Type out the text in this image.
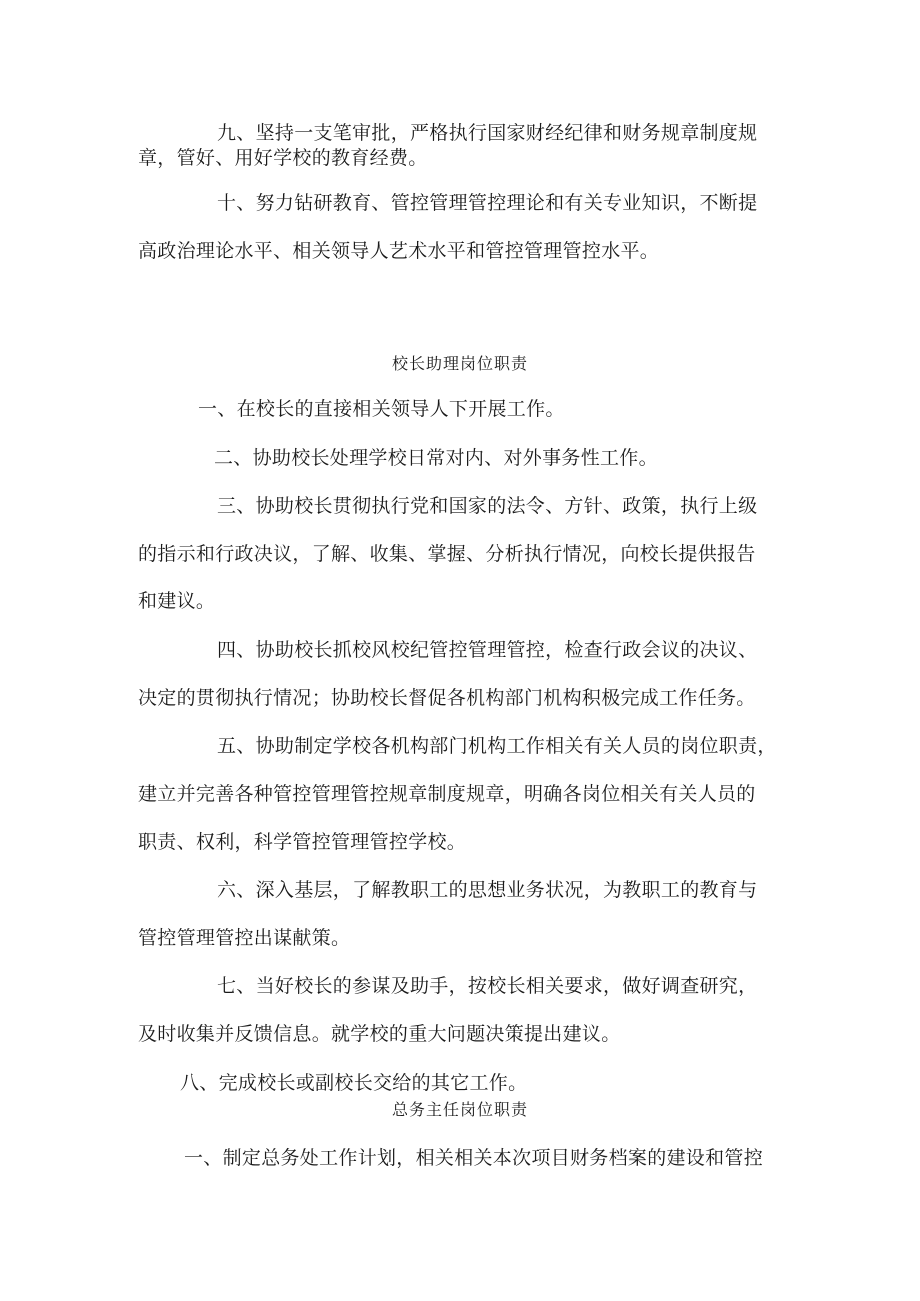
九、坚持一支笔审批，严格执行国家财经纪律和财务规章制度规
章，管好、用好学校的教育经费。
十、努力钻研教育、管控管理管控理论和有关专业知识，不断提
高政治理论水平、相关领导人艺术水平和管控管理管控水平。
校长助理岗位职责
一、在校长的直接相关领导人下开展工作。
二、协助校长处理学校日常对内、对外事务性工作。
三、协助校长贯彻执行党和国家的法令、方针、政策，执行上级
的指示和行政决议，了解、收集、掌握、分析执行情况，向校长提供报告
和建议。
四、协助校长抓校风校纪管控管理管控，检查行政会议的决议、
决定的贯彻执行情况；协助校长督促各机构部门机构积极完成工作任务。
五、协助制定学校各机构部门机构工作相关有关人员的岗位职责，
建立并完善各种管控管理管控规章制度规章，明确各岗位相关有关人员的
职责、权利，科学管控管理管控学校。
六、深入基层，了解教职工的思想业务状况，为教职工的教育与
管控管理管控出谋献策。
七、当好校长的参谋及助手，按校长相关要求，做好调查研究，
及时收集并反馈信息。就学校的重大问题决策提出建议。
八、完成校长或副校长交给的其它工作。
总务主任岗位职责
一、制定总务处工作计划，相关相关本次项目财务档案的建设和管控
